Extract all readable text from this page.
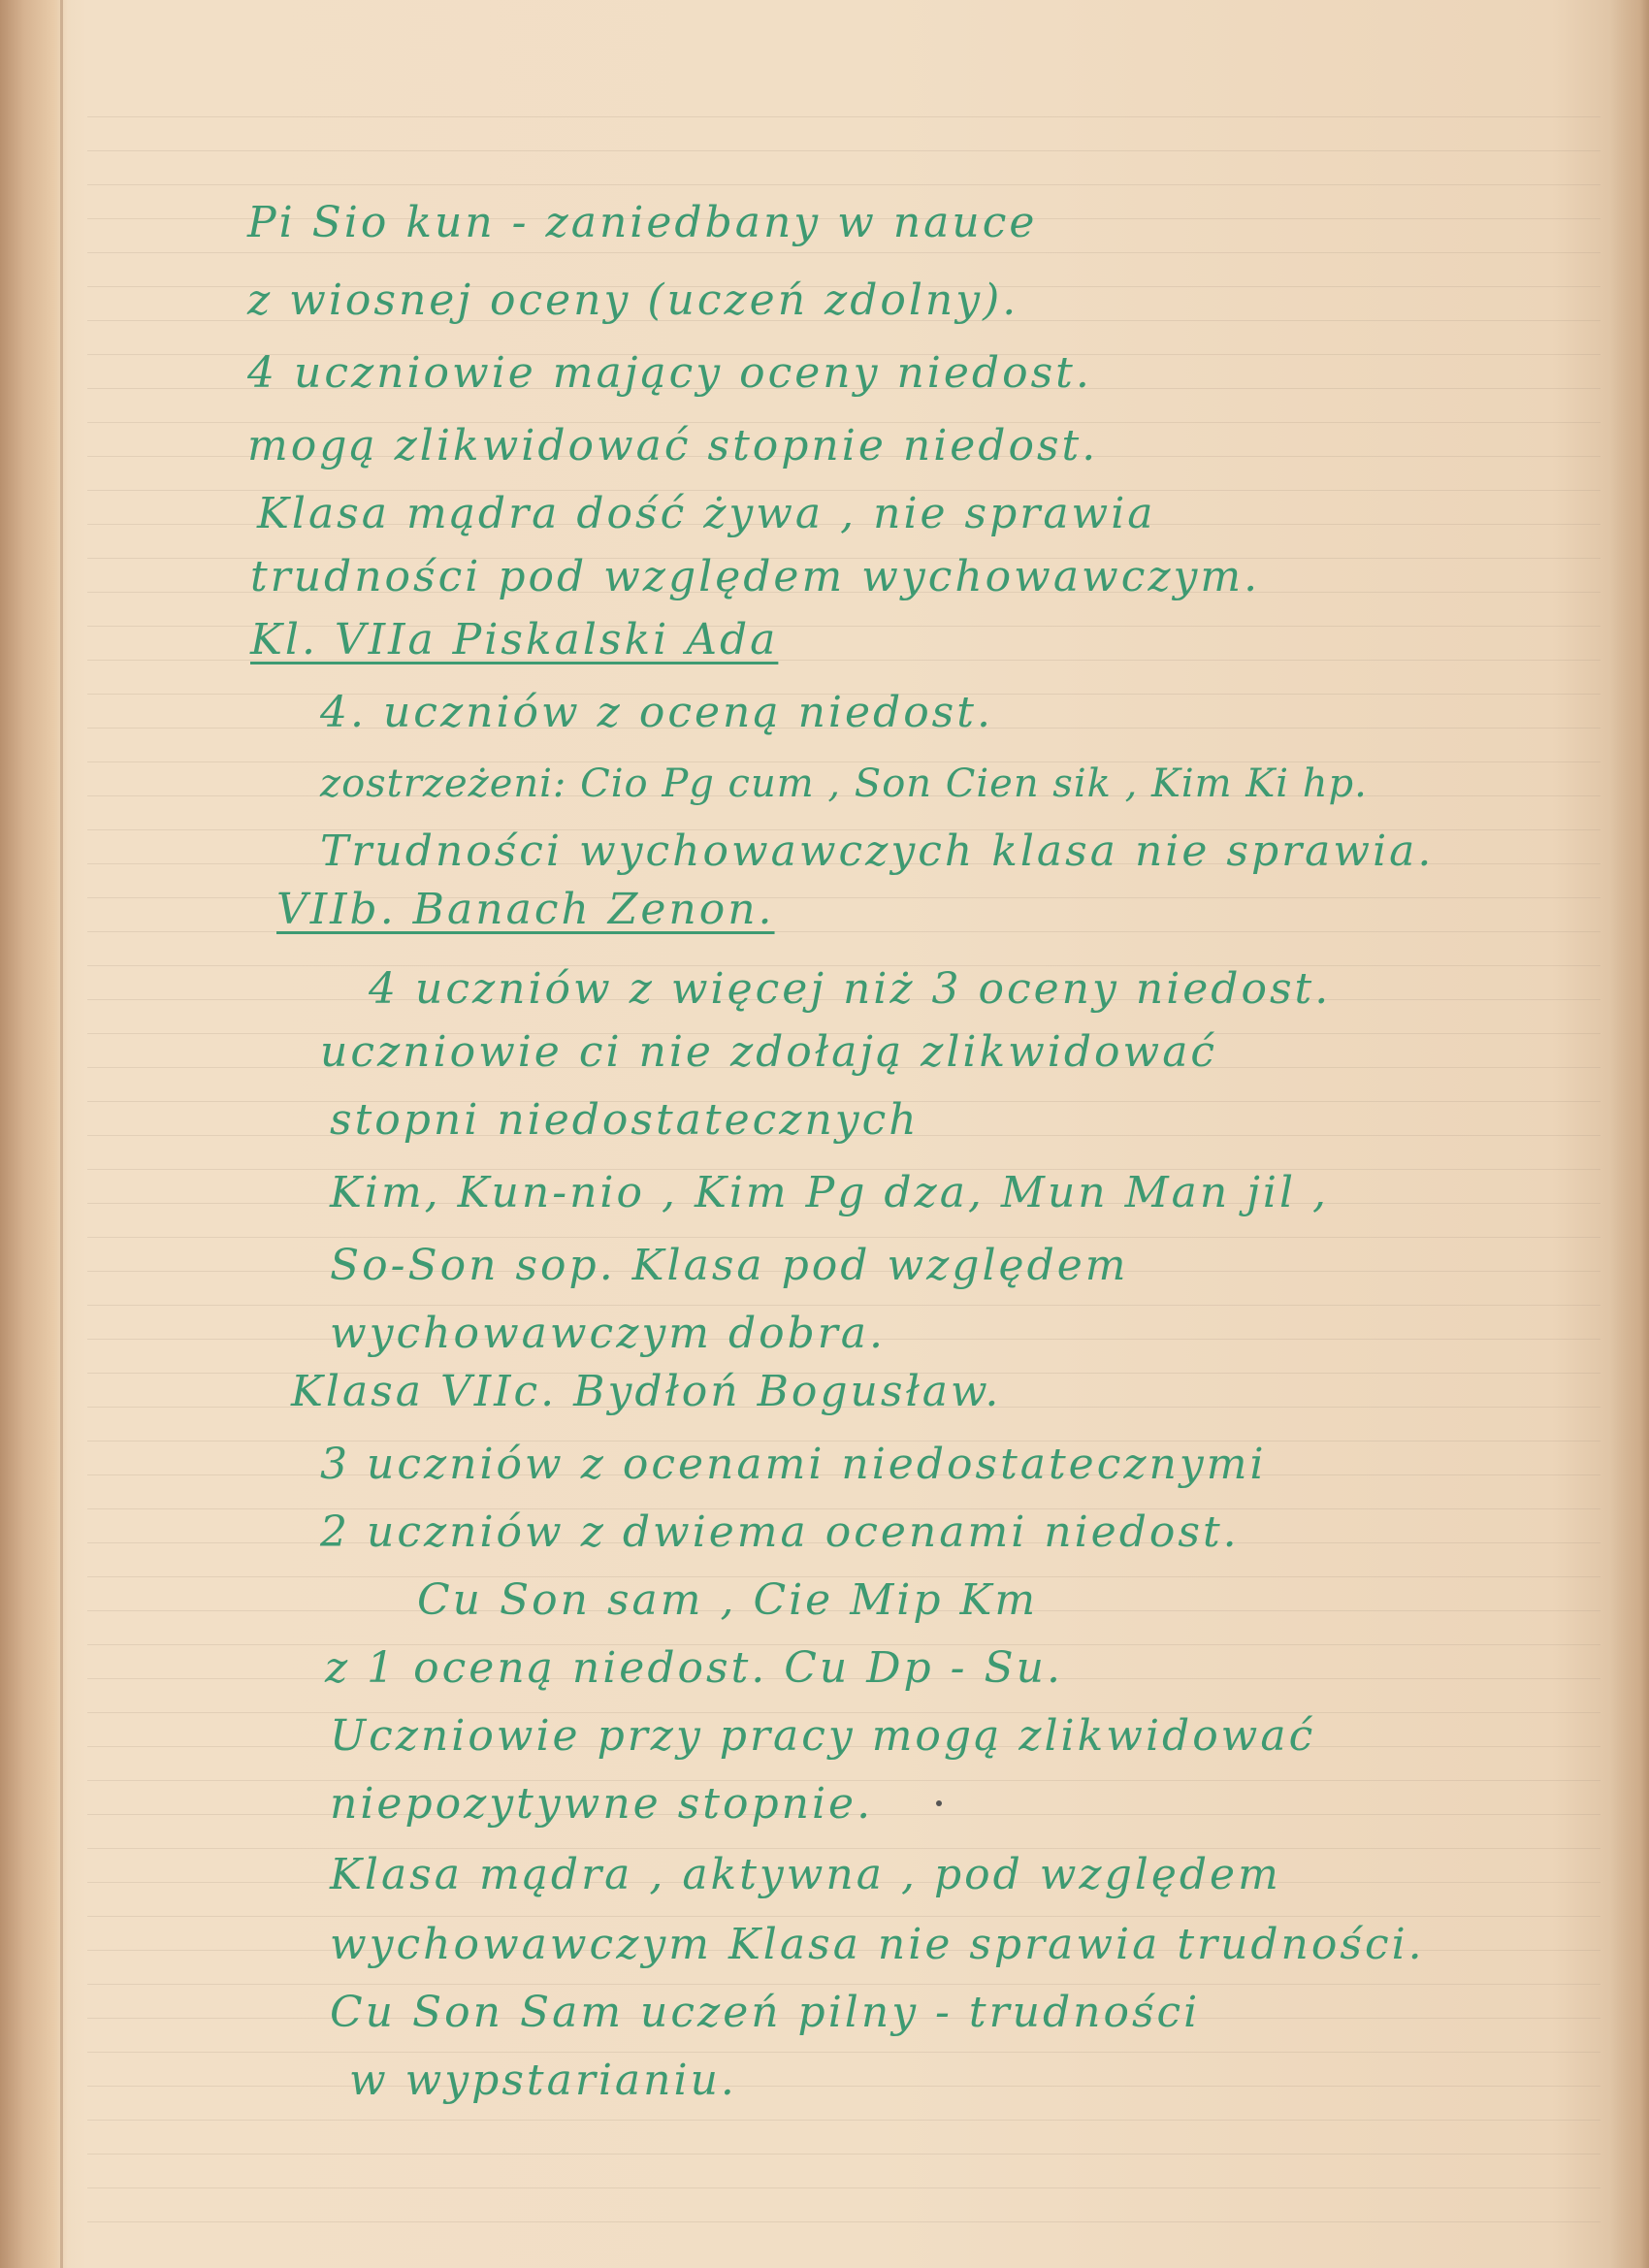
Pi Sio kun - zaniedbany w nauce
z wiosnej oceny (uczeń zdolny).
4 uczniowie mający oceny niedost.
mogą zlikwidować stopnie niedost.
Klasa mądra dość żywa , nie sprawia
trudności pod względem wychowawczym.
Kl. VIIa Piskalski Ada
4. uczniów z oceną niedost.
zostrzeżeni: Cio Pg cum , Son Cien sik , Kim Ki hp.
Trudności wychowawczych klasa nie sprawia.
VIIb. Banach Zenon.
4 uczniów z więcej niż 3 oceny niedost.
uczniowie ci nie zdołają zlikwidować
stopni niedostatecznych
Kim, Kun-nio , Kim Pg dza, Mun Man jil ,
So-Son sop. Klasa pod względem
wychowawczym dobra.
Klasa VIIc. Bydłoń Bogusław.
3 uczniów z ocenami niedostatecznymi
2 uczniów z dwiema ocenami niedost.
Cu Son sam , Cie Mip Km
z 1 oceną niedost. Cu Dp - Su.
Uczniowie przy pracy mogą zlikwidować
niepozytywne stopnie.
Klasa mądra , aktywna , pod względem
wychowawczym Klasa nie sprawia trudności.
Cu Son Sam uczeń pilny - trudności
w wypstarianiu.
